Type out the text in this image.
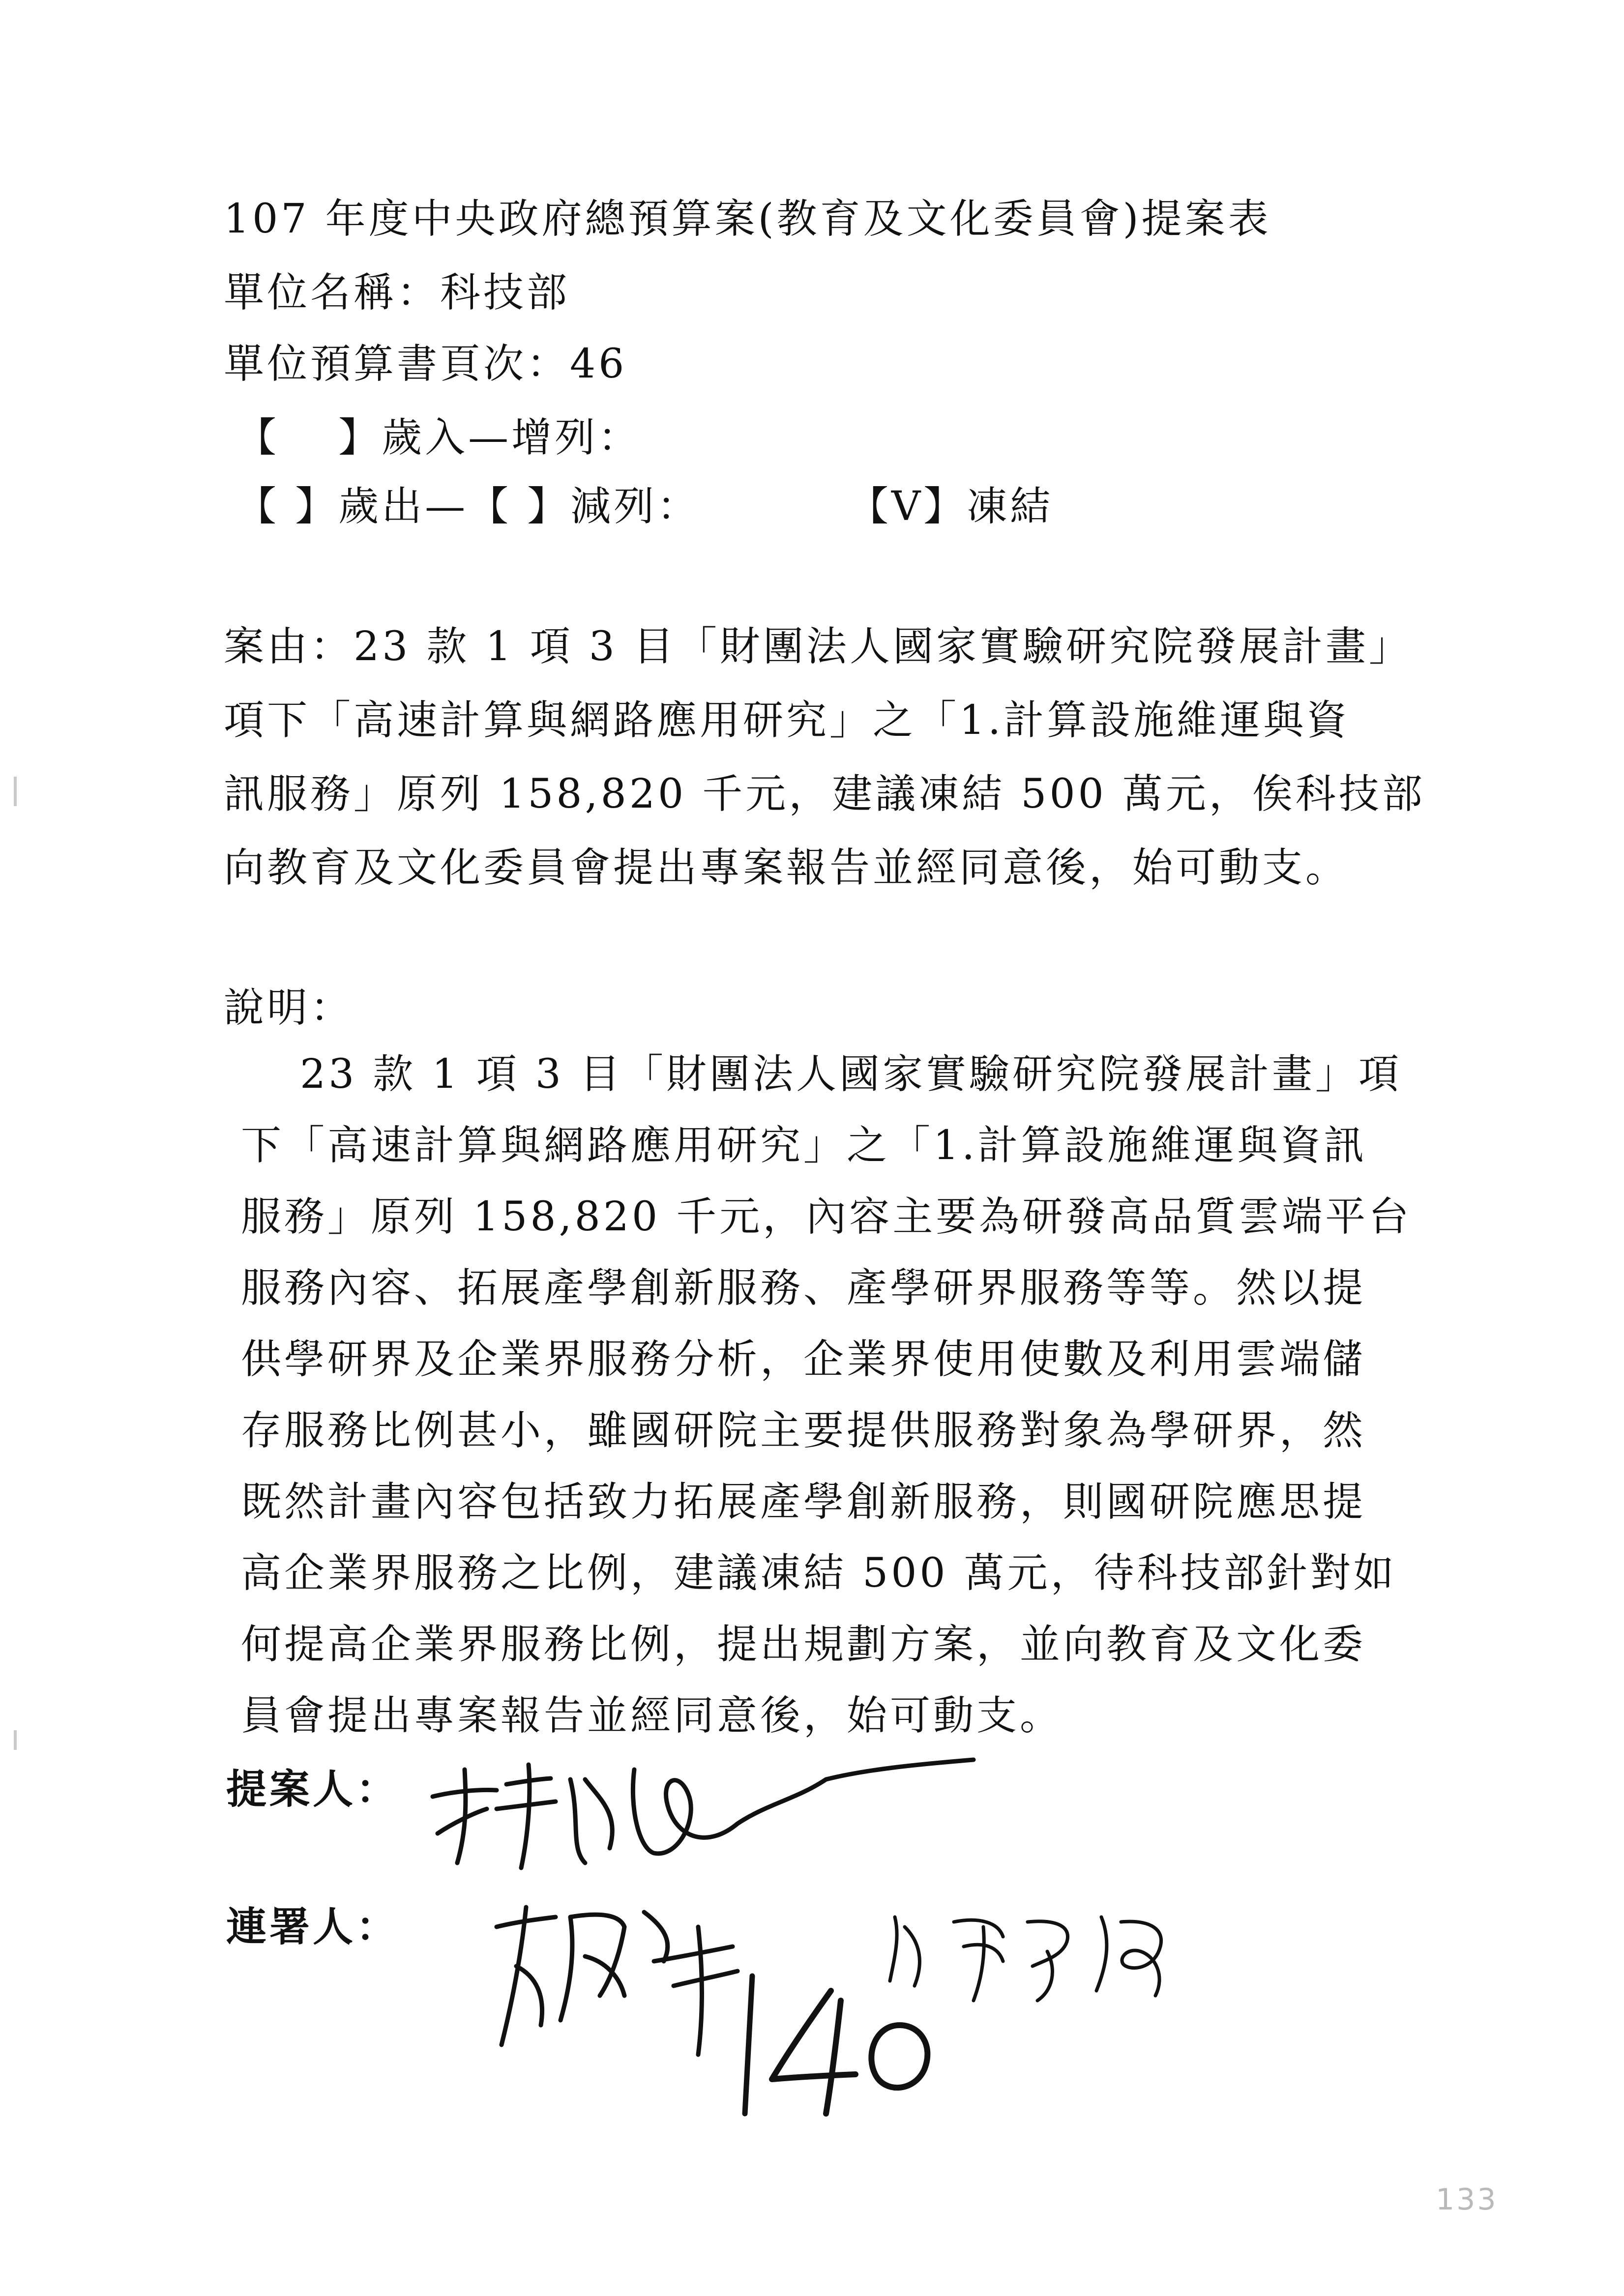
107 年度中央政府總預算案(教育及文化委員會)提案表
單位名稱：科技部
單位預算書頁次：46
【　 】歲入—增列：
【 】歲出—【 】減列：	【V】凍結
案由：23 款 1 項 3 目「財團法人國家實驗研究院發展計畫」
項下「高速計算與網路應用研究」之「1.計算設施維運與資
訊服務」原列 158,820 千元，建議凍結 500 萬元，俟科技部
向教育及文化委員會提出專案報告並經同意後，始可動支。
說明：
23 款 1 項 3 目「財團法人國家實驗研究院發展計畫」項
下「高速計算與網路應用研究」之「1.計算設施維運與資訊
服務」原列 158,820 千元，內容主要為研發高品質雲端平台
服務內容、拓展產學創新服務、產學研界服務等等。然以提
供學研界及企業界服務分析，企業界使用使數及利用雲端儲
存服務比例甚小，雖國研院主要提供服務對象為學研界，然
既然計畫內容包括致力拓展產學創新服務，則國研院應思提
高企業界服務之比例，建議凍結 500 萬元，待科技部針對如
何提高企業界服務比例，提出規劃方案，並向教育及文化委
員會提出專案報告並經同意後，始可動支。
提案人：
連署人：
133
